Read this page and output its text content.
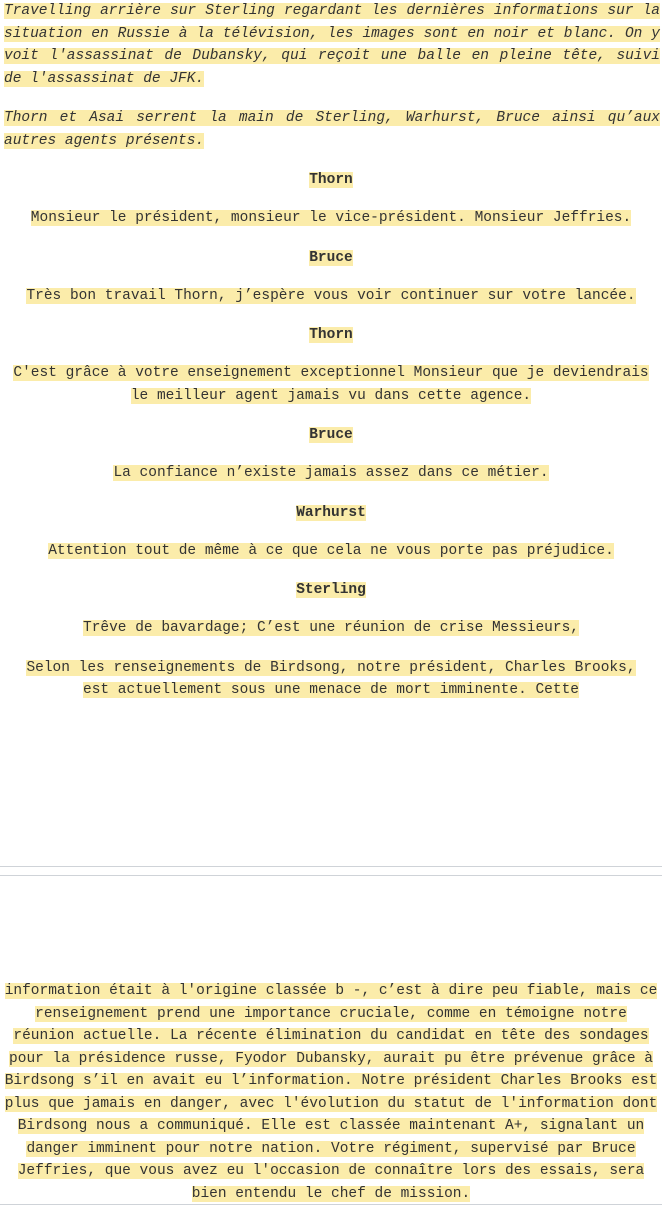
Travelling arrière sur Sterling regardant les dernières informations sur la situation en Russie à la télévision, les images sont en noir et blanc. On y voit l'assassinat de Dubansky, qui reçoit une balle en pleine tête, suivi de l'assassinat de JFK.

Thorn et Asai serrent la main de Sterling, Warhurst, Bruce ainsi qu’aux autres agents présents.

Thorn

Monsieur le président, monsieur le vice-président. Monsieur Jeffries.

Bruce

Très bon travail Thorn, j’espère vous voir continuer sur votre lancée.

Thorn

C'est grâce à votre enseignement exceptionnel Monsieur que je deviendrais le meilleur agent jamais vu dans cette agence.

Bruce

La confiance n’existe jamais assez dans ce métier.

Warhurst

Attention tout de même à ce que cela ne vous porte pas préjudice.

Sterling

Trêve de bavardage; C’est une réunion de crise Messieurs,

Selon les renseignements de Birdsong, notre président, Charles Brooks, est actuellement sous une menace de mort imminente. Cette

information était à l'origine classée b -, c’est à dire peu fiable, mais ce renseignement prend une importance cruciale, comme en témoigne notre réunion actuelle. La récente élimination du candidat en tête des sondages pour la présidence russe, Fyodor Dubansky, aurait pu être prévenue grâce à Birdsong s’il en avait eu l’information. Notre président Charles Brooks est plus que jamais en danger, avec l'évolution du statut de l'information dont Birdsong nous a communiqué. Elle est classée maintenant A+, signalant un danger imminent pour notre nation. Votre régiment, supervisé par Bruce Jeffries, que vous avez eu l'occasion de connaître lors des essais, sera bien entendu le chef de mission.
